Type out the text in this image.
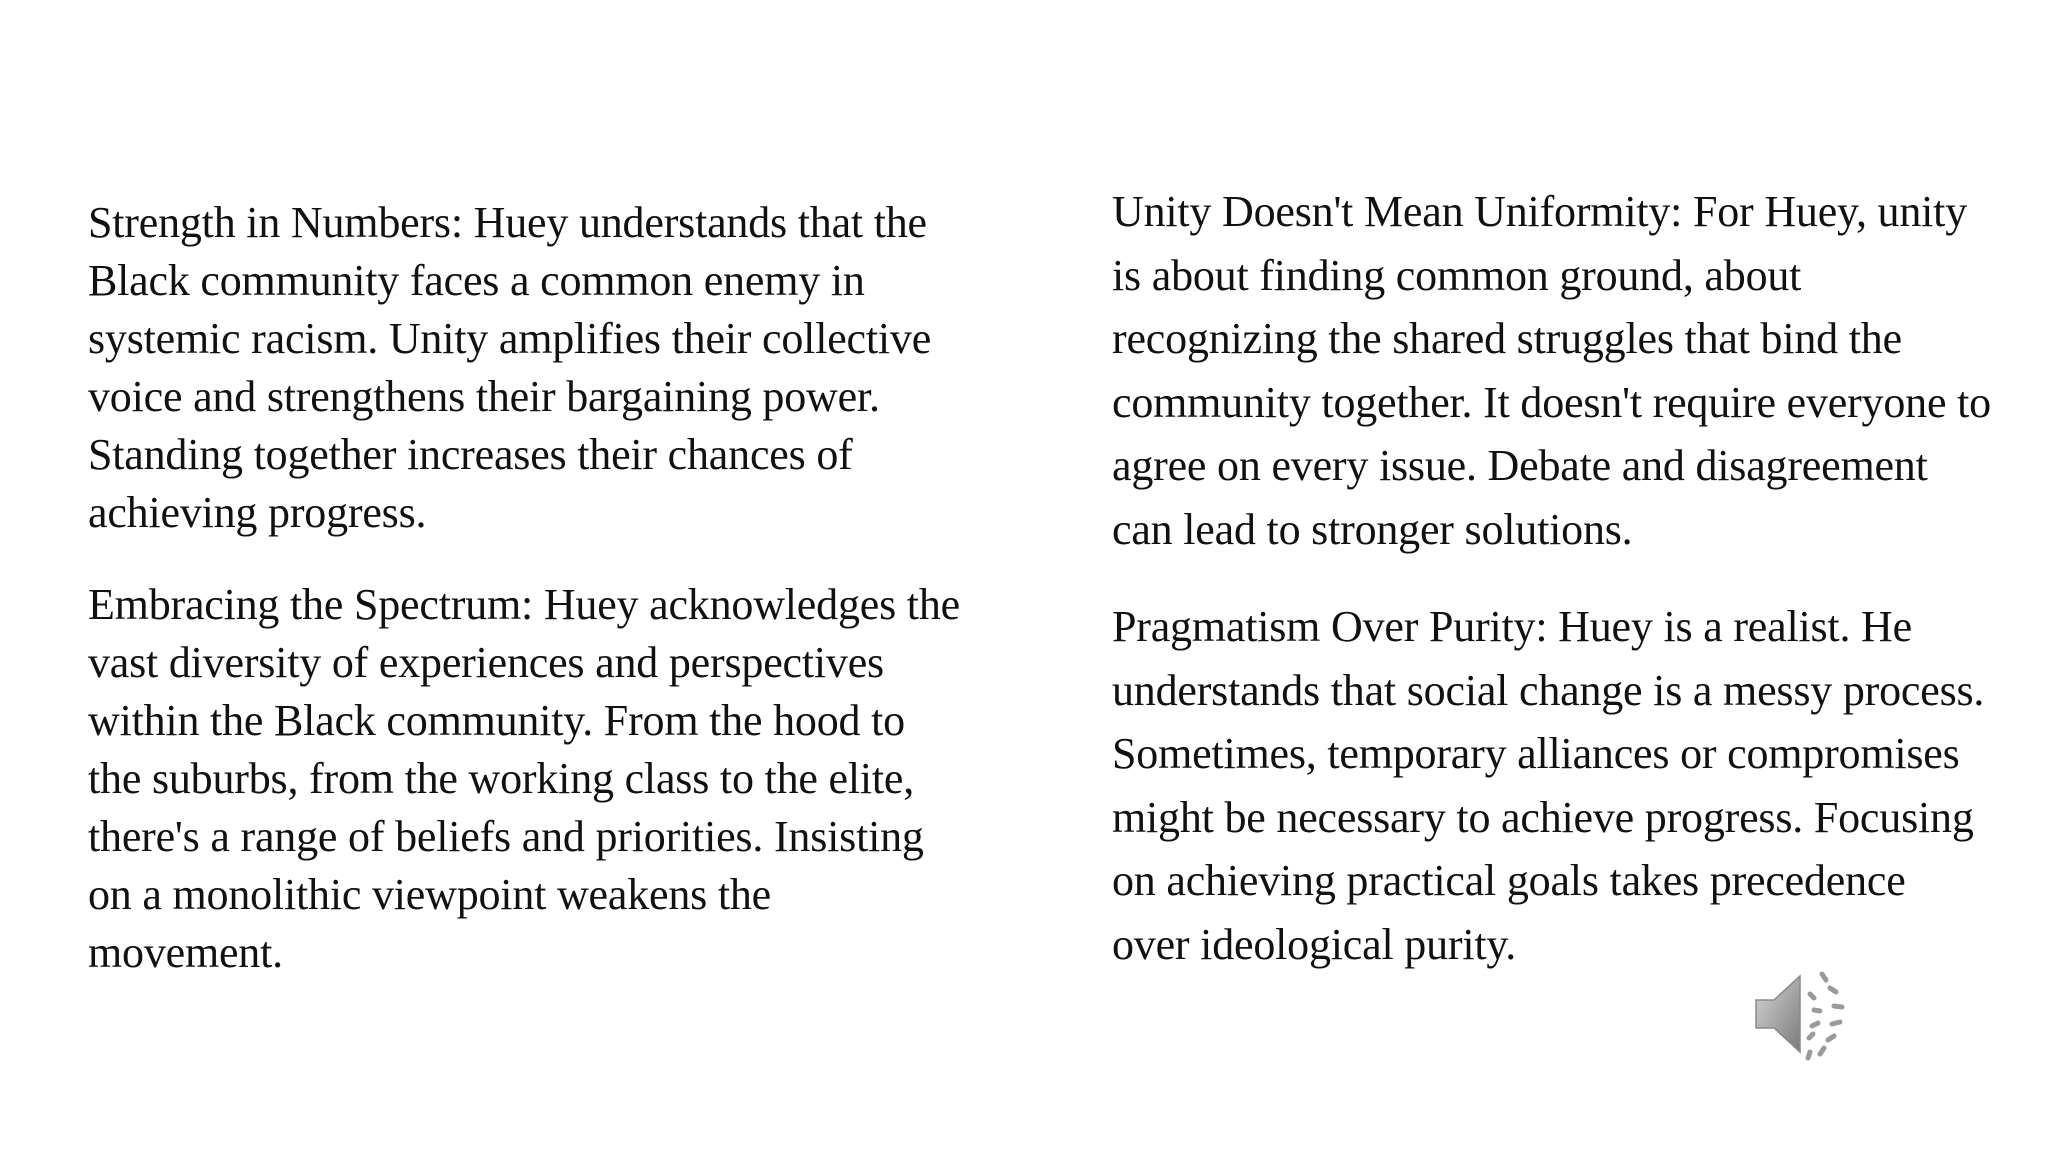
Strength in Numbers: Huey understands that the Black community faces a common enemy in systemic racism. Unity amplifies their collective voice and strengthens their bargaining power. Standing together increases their chances of achieving progress.

Embracing the Spectrum: Huey acknowledges the vast diversity of experiences and perspectives within the Black community. From the hood to the suburbs, from the working class to the elite, there's a range of beliefs and priorities. Insisting on a monolithic viewpoint weakens the movement.

Unity Doesn't Mean Uniformity: For Huey, unity is about finding common ground, about recognizing the shared struggles that bind the community together. It doesn't require everyone to agree on every issue. Debate and disagreement can lead to stronger solutions.

Pragmatism Over Purity: Huey is a realist. He understands that social change is a messy process. Sometimes, temporary alliances or compromises might be necessary to achieve progress. Focusing on achieving practical goals takes precedence over ideological purity.
